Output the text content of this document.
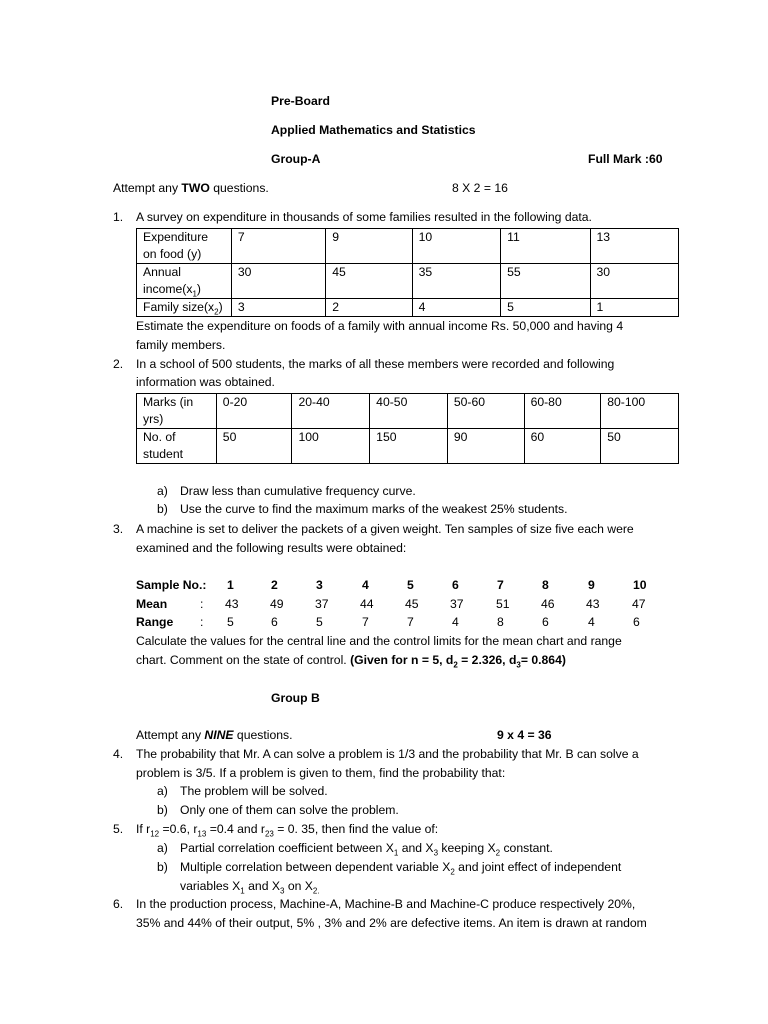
Pre-Board
Applied Mathematics and Statistics
Group-A	Full Mark :60
Attempt any TWO questions.	8 X 2 = 16
1. A survey on expenditure in thousands of some families resulted in the following data.
Expenditure
on food (y)	7	9	10	11	13
Annual
$income(x_1)$	30	45	35	55	30
Family $size(x_2)$	3	2	4	5	1
Estimate the expenditure on foods of a family with annual income Rs. 50,000 and having 4
family members.
2. In a school of 500 students, the marks of all these members were recorded and following
information was obtained.
Marks (in
yrs)	0-20	20-40	40-50	50-60	60-80	80-100
No. of
student	50	100	150	90	60	50
a) Draw less than cumulative frequency curve.
b) Use the curve to find the maximum marks of the weakest 25% students.
3. A machine is set to deliver the packets of a given weight. Ten samples of size five each were
examined and the following results were obtained:
Sample No.: 1	2	3	4	5	6	7	8	9	10
Mean	: 43	49	37	44	45	37	51	46	43	47
Range : 5	6	5	7	7	4	8	6	4	6
Calculate the values for the central line and the control limits for the mean chart and range
chart. Comment on the state of control. (Given for n = 5, $d_2 = 2.326$, $d_3= 0.864$)
Group B
Attempt any NINE questions.	9 x 4 = 36
4. The probability that Mr. A can solve a problem is 1/3 and the probability that Mr. B can solve a
problem is 3/5. If a problem is given to them, find the probability that:
a) The problem will be solved.
b) Only one of them can solve the problem.
5. If $r_{12} =0.6$, $r_{13} =0.4$ and $r_{23} = 0$. 35, then find the value of:
a) Partial correlation coefficient between $X_1$ and $X_3$ keeping $X_2$ constant.
b) Multiple correlation between dependent variable $X_2$ and joint effect of independent
variables $X_1$ and $X_3$ on $X_{2.}$
6. In the production process, Machine-A, Machine-B and Machine-C produce respectively 20%,
35% and 44% of their output, 5% , 3% and 2% are defective items. An item is drawn at random
